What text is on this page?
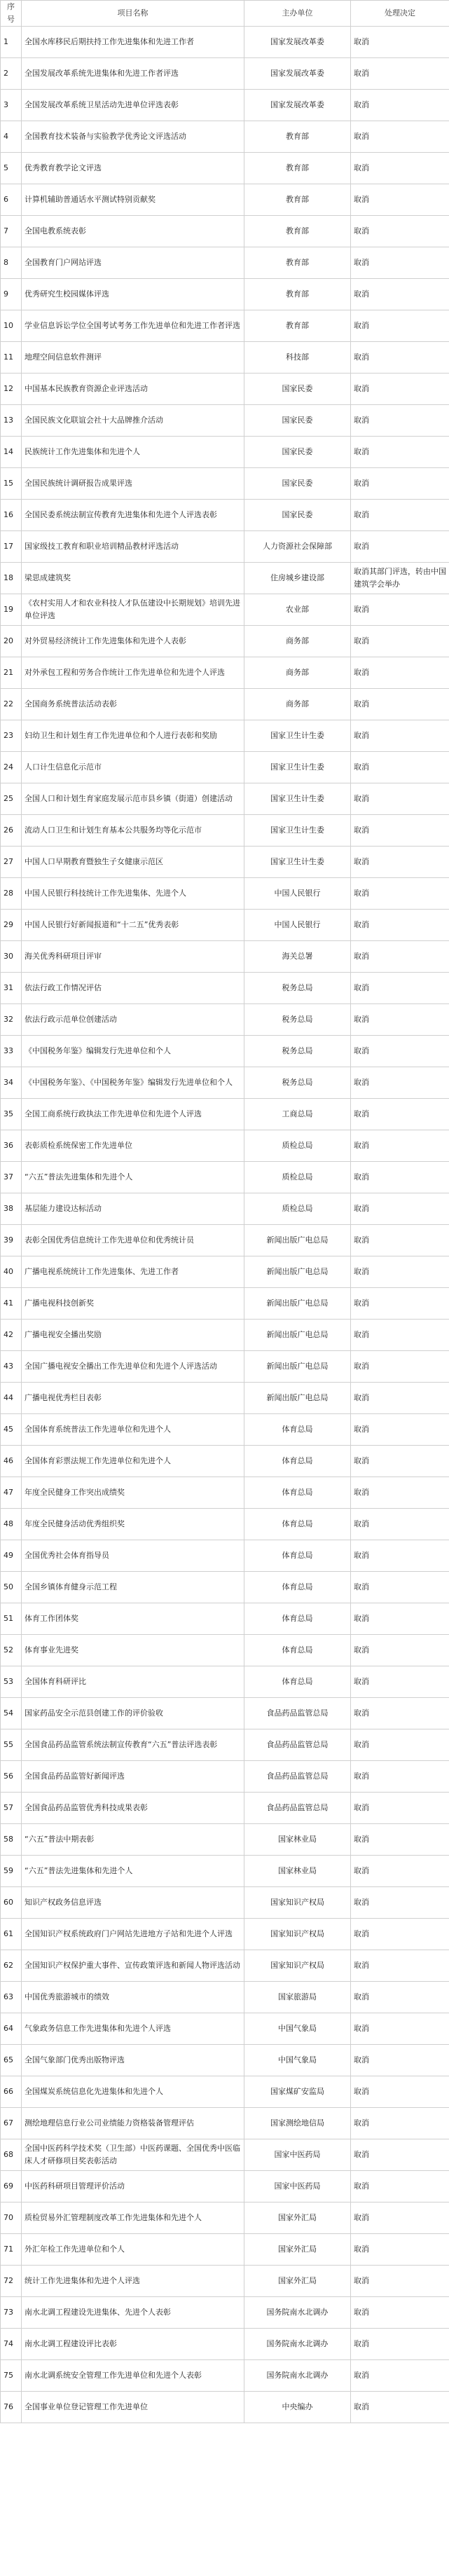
序号	项目名称	主办单位	处理决定
1	全国水库移民后期扶持工作先进集体和先进工作者	国家发展改革委	取消
2	全国发展改革系统先进集体和先进工作者评选	国家发展改革委	取消
3	全国发展改革系统卫星活动先进单位评选表彰	国家发展改革委	取消
4	全国教育技术装备与实验教学优秀论文评选活动	教育部	取消
5	优秀教育教学论文评选	教育部	取消
6	计算机辅助普通话水平测试特别贡献奖	教育部	取消
7	全国电教系统表彰	教育部	取消
8	全国教育门户网站评选	教育部	取消
9	优秀研究生校园媒体评选	教育部	取消
10	学业信息诉讼学位全国考试考务工作先进单位和先进工作者评选	教育部	取消
11	地理空间信息软件测评	科技部	取消
12	中国基本民族教育资源企业评选活动	国家民委	取消
13	全国民族文化联谊会社十大品牌推介活动	国家民委	取消
14	民族统计工作先进集体和先进个人	国家民委	取消
15	全国民族统计调研报告成果评选	国家民委	取消
16	全国民委系统法制宣传教育先进集体和先进个人评选表彰	国家民委	取消
17	国家级技工教育和职业培训精品教材评选活动	人力资源社会保障部	取消
18	梁思成建筑奖	住房城乡建设部	取消其部门评选，转由中国建筑学会举办
19	《农村实用人才和农业科技人才队伍建设中长期规划》培训先进单位评选	农业部	取消
20	对外贸易经济统计工作先进集体和先进个人表彰	商务部	取消
21	对外承包工程和劳务合作统计工作先进单位和先进个人评选	商务部	取消
22	全国商务系统普法活动表彰	商务部	取消
23	妇幼卫生和计划生育工作先进单位和个人进行表彰和奖励	国家卫生计生委	取消
24	人口计生信息化示范市	国家卫生计生委	取消
25	全国人口和计划生育家庭发展示范市县乡镇（街道）创建活动	国家卫生计生委	取消
26	流动人口卫生和计划生育基本公共服务均等化示范市	国家卫生计生委	取消
27	中国人口早期教育暨独生子女健康示范区	国家卫生计生委	取消
28	中国人民银行科技统计工作先进集体、先进个人	中国人民银行	取消
29	中国人民银行好新闻报道和“十二五”优秀表彰	中国人民银行	取消
30	海关优秀科研项目评审	海关总署	取消
31	依法行政工作情况评估	税务总局	取消
32	依法行政示范单位创建活动	税务总局	取消
33	《中国税务年鉴》编辑发行先进单位和个人	税务总局	取消
34	《中国税务年鉴》、《中国税务年鉴》编辑发行先进单位和个人	税务总局	取消
35	全国工商系统行政执法工作先进单位和先进个人评选	工商总局	取消
36	表彰质检系统保密工作先进单位	质检总局	取消
37	“六五”普法先进集体和先进个人	质检总局	取消
38	基层能力建设达标活动	质检总局	取消
39	表彰全国优秀信息统计工作先进单位和优秀统计员	新闻出版广电总局	取消
40	广播电视系统统计工作先进集体、先进工作者	新闻出版广电总局	取消
41	广播电视科技创新奖	新闻出版广电总局	取消
42	广播电视安全播出奖励	新闻出版广电总局	取消
43	全国广播电视安全播出工作先进单位和先进个人评选活动	新闻出版广电总局	取消
44	广播电视优秀栏目表彰	新闻出版广电总局	取消
45	全国体育系统普法工作先进单位和先进个人	体育总局	取消
46	全国体育彩票法规工作先进单位和先进个人	体育总局	取消
47	年度全民健身工作突出成绩奖	体育总局	取消
48	年度全民健身活动优秀组织奖	体育总局	取消
49	全国优秀社会体育指导员	体育总局	取消
50	全国乡镇体育健身示范工程	体育总局	取消
51	体育工作团体奖	体育总局	取消
52	体育事业先进奖	体育总局	取消
53	全国体育科研评比	体育总局	取消
54	国家药品安全示范县创建工作的评价验收	食品药品监管总局	取消
55	全国食品药品监管系统法制宣传教育“六五”普法评选表彰	食品药品监管总局	取消
56	全国食品药品监管好新闻评选	食品药品监管总局	取消
57	全国食品药品监管优秀科技成果表彰	食品药品监管总局	取消
58	“六五”普法中期表彰	国家林业局	取消
59	“六五”普法先进集体和先进个人	国家林业局	取消
60	知识产权政务信息评选	国家知识产权局	取消
61	全国知识产权系统政府门户网站先进地方子站和先进个人评选	国家知识产权局	取消
62	全国知识产权保护重大事件、宣传政策评选和新闻人物评选活动	国家知识产权局	取消
63	中国优秀旅游城市的绩效	国家旅游局	取消
64	气象政务信息工作先进集体和先进个人评选	中国气象局	取消
65	全国气象部门优秀出版物评选	中国气象局	取消
66	全国煤炭系统信息化先进集体和先进个人	国家煤矿安监局	取消
67	测绘地理信息行业公司业绩能力资格装备管理评估	国家测绘地信局	取消
68	全国中医药科学技术奖（卫生部）中医药课题、全国优秀中医临床人才研修项目奖表彰活动	国家中医药局	取消
69	中医药科研项目管理评价活动	国家中医药局	取消
70	质检贸易外汇管理制度改革工作先进集体和先进个人	国家外汇局	取消
71	外汇年检工作先进单位和个人	国家外汇局	取消
72	统计工作先进集体和先进个人评选	国家外汇局	取消
73	南水北调工程建设先进集体、先进个人表彰	国务院南水北调办	取消
74	南水北调工程建设评比表彰	国务院南水北调办	取消
75	南水北调系统安全管理工作先进单位和先进个人表彰	国务院南水北调办	取消
76	全国事业单位登记管理工作先进单位	中央编办	取消
